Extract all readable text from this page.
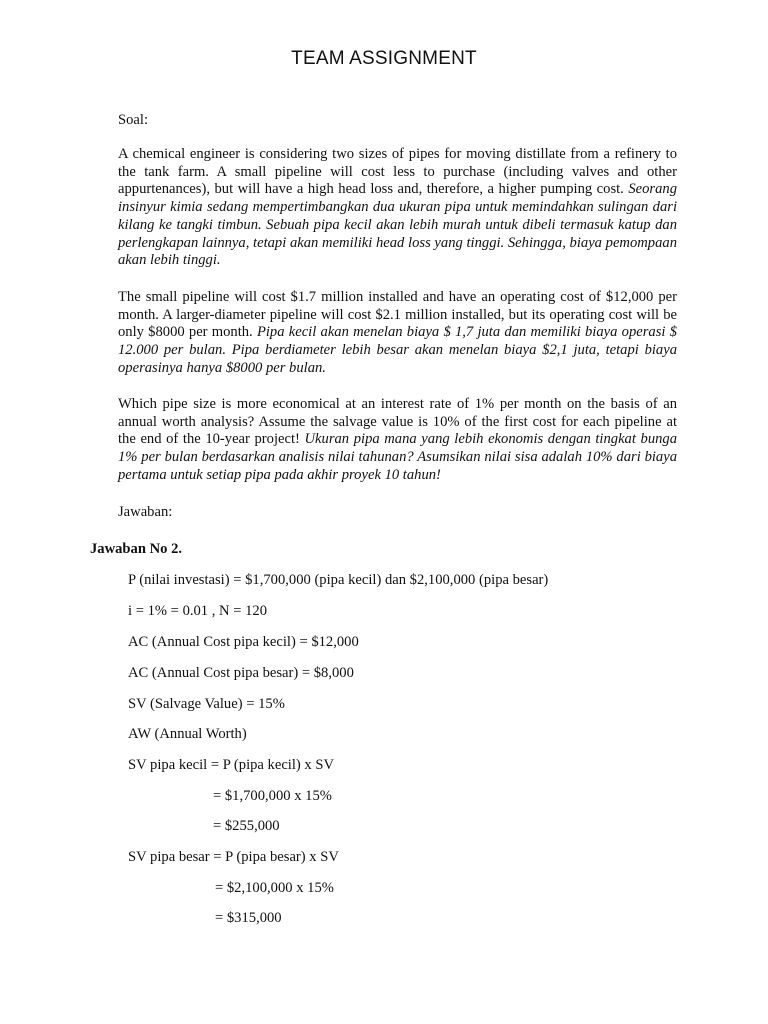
TEAM ASSIGNMENT
Soal:

A chemical engineer is considering two sizes of pipes for moving distillate from a refinery to the tank farm. A small pipeline will cost less to purchase (including valves and other appurtenances), but will have a high head loss and, therefore, a higher pumping cost. Seorang insinyur kimia sedang mempertimbangkan dua ukuran pipa untuk memindahkan sulingan dari kilang ke tangki timbun. Sebuah pipa kecil akan lebih murah untuk dibeli termasuk katup dan perlengkapan lainnya, tetapi akan memiliki head loss yang tinggi. Sehingga, biaya pemompaan akan lebih tinggi.

The small pipeline will cost $1.7 million installed and have an operating cost of $12,000 per month. A larger-diameter pipeline will cost $2.1 million installed, but its operating cost will be only $8000 per month. Pipa kecil akan menelan biaya $ 1,7 juta dan memiliki biaya operasi $ 12.000 per bulan. Pipa berdiameter lebih besar akan menelan biaya $2,1 juta, tetapi biaya operasinya hanya $8000 per bulan.

Which pipe size is more economical at an interest rate of 1% per month on the basis of an annual worth analysis? Assume the salvage value is 10% of the first cost for each pipeline at the end of the 10-year project! Ukuran pipa mana yang lebih ekonomis dengan tingkat bunga 1% per bulan berdasarkan analisis nilai tahunan? Asumsikan nilai sisa adalah 10% dari biaya pertama untuk setiap pipa pada akhir proyek 10 tahun!

Jawaban:
Jawaban No 2.
P (nilai investasi) = $1,700,000 (pipa kecil) dan $2,100,000 (pipa besar)
i = 1% = 0.01 , N = 120
AC (Annual Cost pipa kecil) = $12,000
AC (Annual Cost pipa besar) = $8,000
SV (Salvage Value) = 15%
AW (Annual Worth)
SV pipa kecil = P (pipa kecil) x SV
= $1,700,000 x 15%
= $255,000
SV pipa besar = P (pipa besar) x SV
= $2,100,000 x 15%
= $315,000
